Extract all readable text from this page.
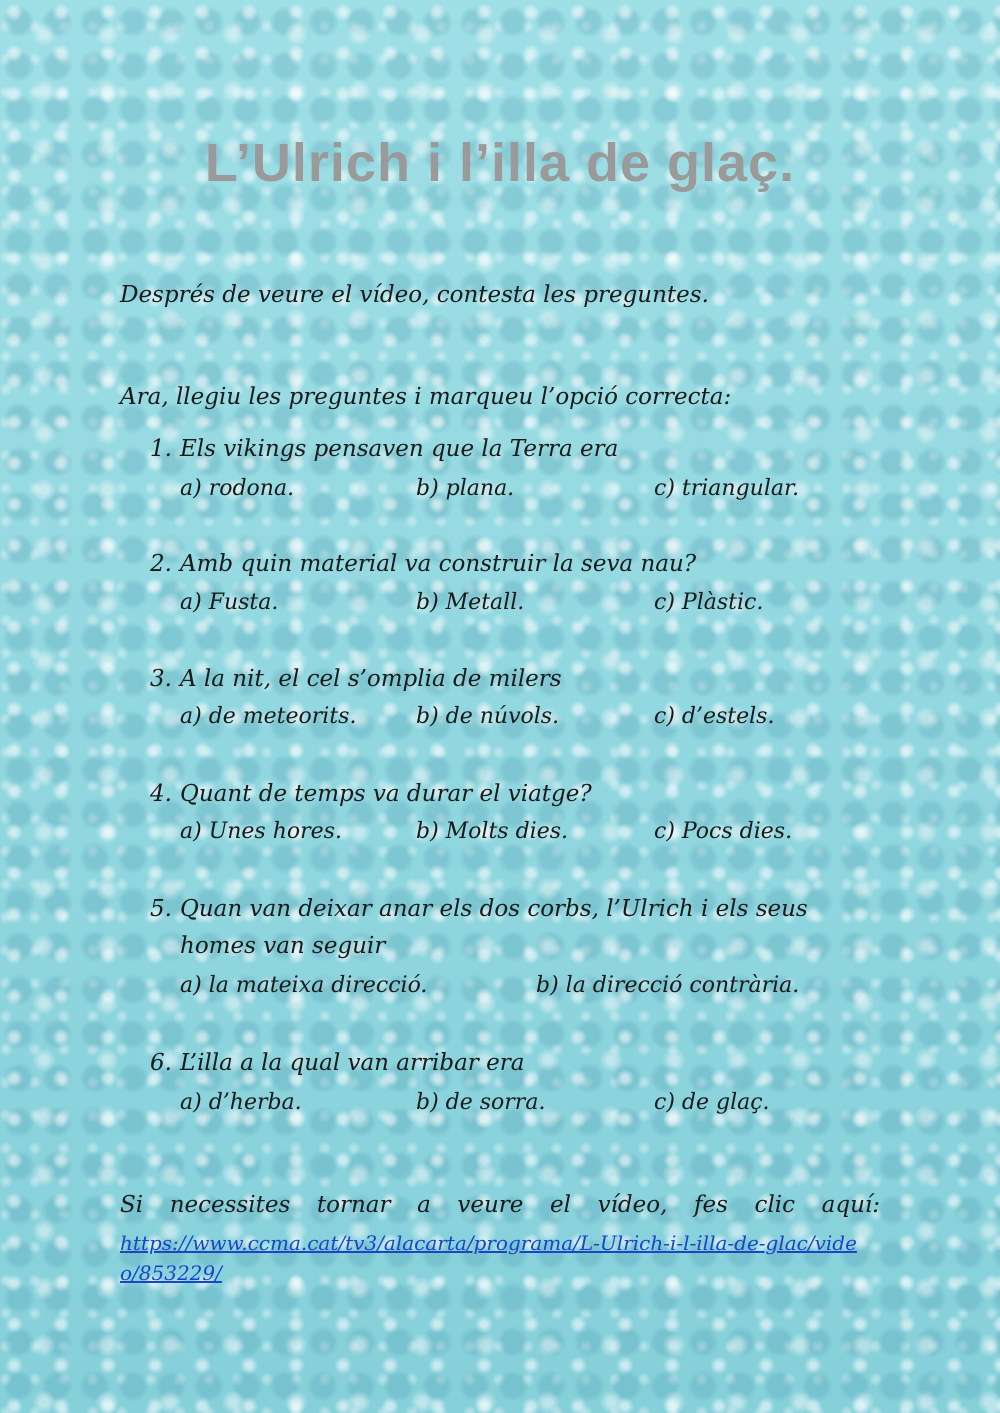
L’Ulrich i l’illa de glaç.
Després de veure el vídeo, contesta les preguntes.
Ara, llegiu les preguntes i marqueu l’opció correcta:
1. Els vikings pensaven que la Terra era
a) rodona.	b) plana.	c) triangular.
2. Amb quin material va construir la seva nau?
a) Fusta.	b) Metall.	c) Plàstic.
3. A la nit, el cel s’omplia de milers
a) de meteorits.	b) de núvols.	c) d’estels.
4. Quant de temps va durar el viatge?
a) Unes hores.	b) Molts dies.	c) Pocs dies.
5. Quan van deixar anar els dos corbs, l’Ulrich i els seus
homes van seguir
a) la mateixa direcció.	b) la direcció contrària.
6. L’illa a la qual van arribar era
a) d’herba.	b) de sorra.	c) de glaç.
Si necessites tornar a veure el vídeo, fes clic aquí:
https://www.ccma.cat/tv3/alacarta/programa/L-Ulrich-i-l-illa-de-glac/video/853229/
